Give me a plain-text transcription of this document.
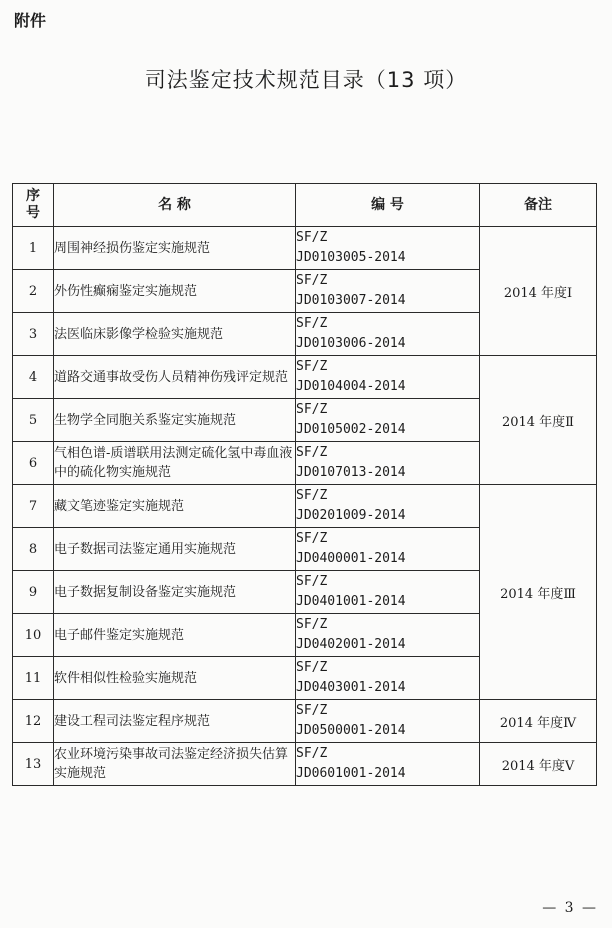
附件
司法鉴定技术规范目录（13 项）
序
号	名 称	编 号	备注
1	周围神经损伤鉴定实施规范	SF/Z
JD0103005-2014	2014 年度Ⅰ
2	外伤性癫痫鉴定实施规范	SF/Z
JD0103007-2014	

3	法医临床影像学检验实施规范	SF/Z
JD0103006-2014	

4	道路交通事故受伤人员精神伤残评定规范	SF/Z
JD0104004-2014	2014 年度Ⅱ
5	生物学全同胞关系鉴定实施规范	SF/Z
JD0105002-2014	

6	气相色谱-质谱联用法测定硫化氢中毒血液中的硫化物实施规范	SF/Z
JD0107013-2014	

7	藏文笔迹鉴定实施规范	SF/Z
JD0201009-2014	2014 年度Ⅲ
8	电子数据司法鉴定通用实施规范	SF/Z
JD0400001-2014	

9	电子数据复制设备鉴定实施规范	SF/Z
JD0401001-2014	

10	电子邮件鉴定实施规范	SF/Z
JD0402001-2014	

11	软件相似性检验实施规范	SF/Z
JD0403001-2014	

12	建设工程司法鉴定程序规范	SF/Z
JD0500001-2014	2014 年度Ⅳ
13	农业环境污染事故司法鉴定经济损失估算实施规范	SF/Z
JD0601001-2014	2014 年度Ⅴ
— 3 —
